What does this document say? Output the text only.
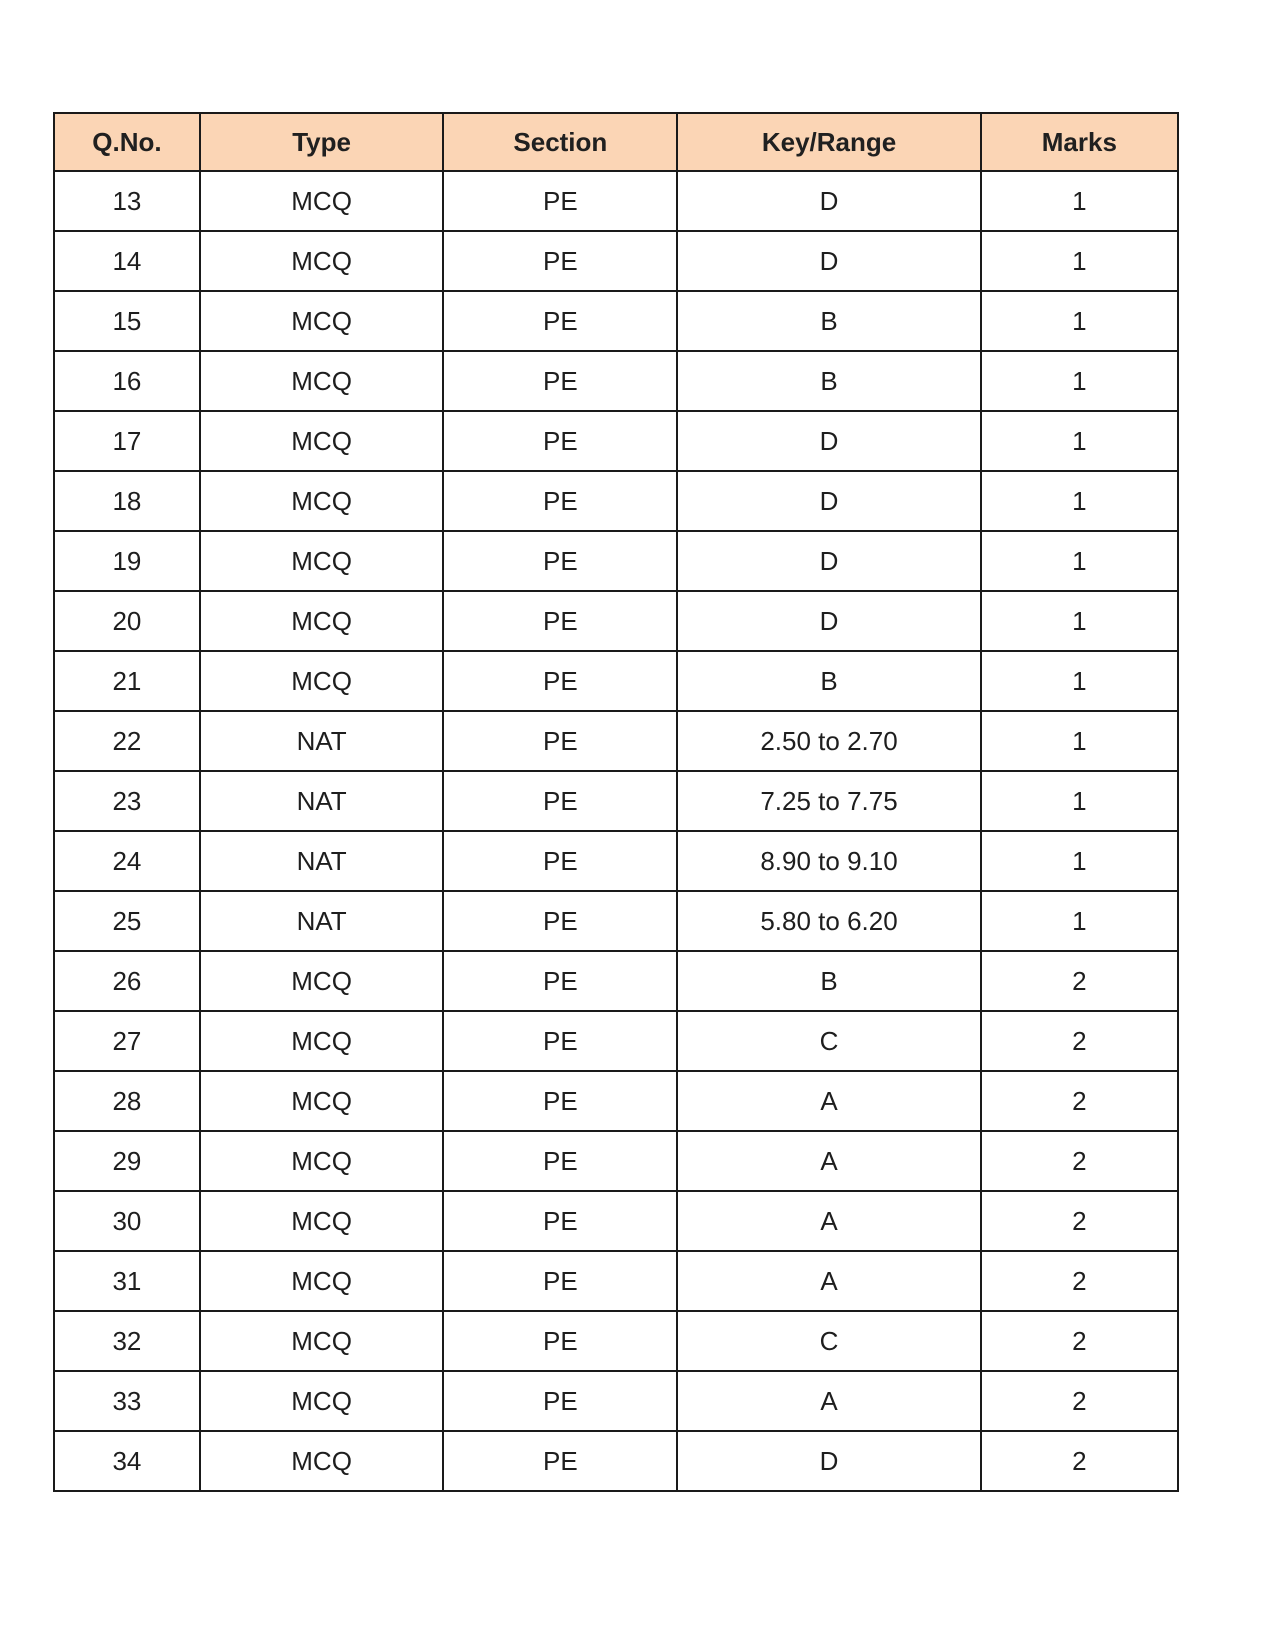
Q.No.	Type	Section	Key/Range	Marks
13	MCQ	PE	D	1
14	MCQ	PE	D	1
15	MCQ	PE	B	1
16	MCQ	PE	B	1
17	MCQ	PE	D	1
18	MCQ	PE	D	1
19	MCQ	PE	D	1
20	MCQ	PE	D	1
21	MCQ	PE	B	1
22	NAT	PE	2.50 to 2.70	1
23	NAT	PE	7.25 to 7.75	1
24	NAT	PE	8.90 to 9.10	1
25	NAT	PE	5.80 to 6.20	1
26	MCQ	PE	B	2
27	MCQ	PE	C	2
28	MCQ	PE	A	2
29	MCQ	PE	A	2
30	MCQ	PE	A	2
31	MCQ	PE	A	2
32	MCQ	PE	C	2
33	MCQ	PE	A	2
34	MCQ	PE	D	2
